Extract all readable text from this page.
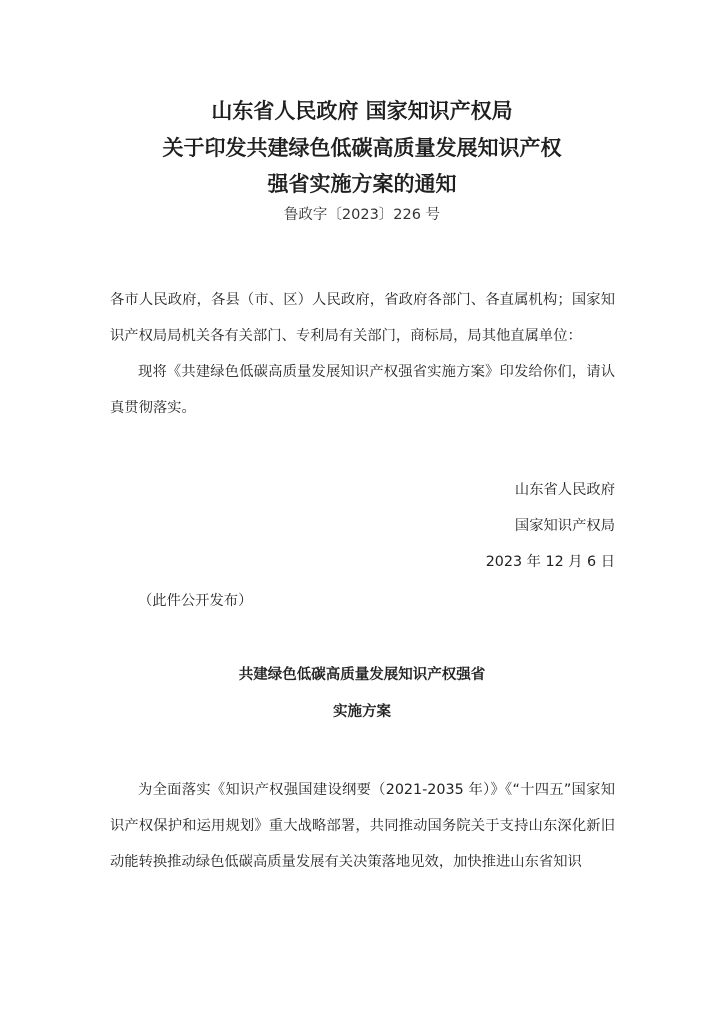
山东省人民政府 国家知识产权局
关于印发共建绿色低碳高质量发展知识产权
强省实施方案的通知
鲁政字〔2023〕226 号

各市人民政府，各县（市、区）人民政府，省政府各部门、各直属机构；国家知识产权局局机关各有关部门、专利局有关部门，商标局，局其他直属单位：

现将《共建绿色低碳高质量发展知识产权强省实施方案》印发给你们，请认真贯彻落实。

山东省人民政府
国家知识产权局
2023 年 12 月 6 日
（此件公开发布）
共建绿色低碳高质量发展知识产权强省
实施方案

为全面落实《知识产权强国建设纲要（2021-2035 年）》《“十四五”国家知识产权保护和运用规划》重大战略部署，共同推动国务院关于支持山东深化新旧动能转换推动绿色低碳高质量发展有关决策落地见效，加快推进山东省知识
